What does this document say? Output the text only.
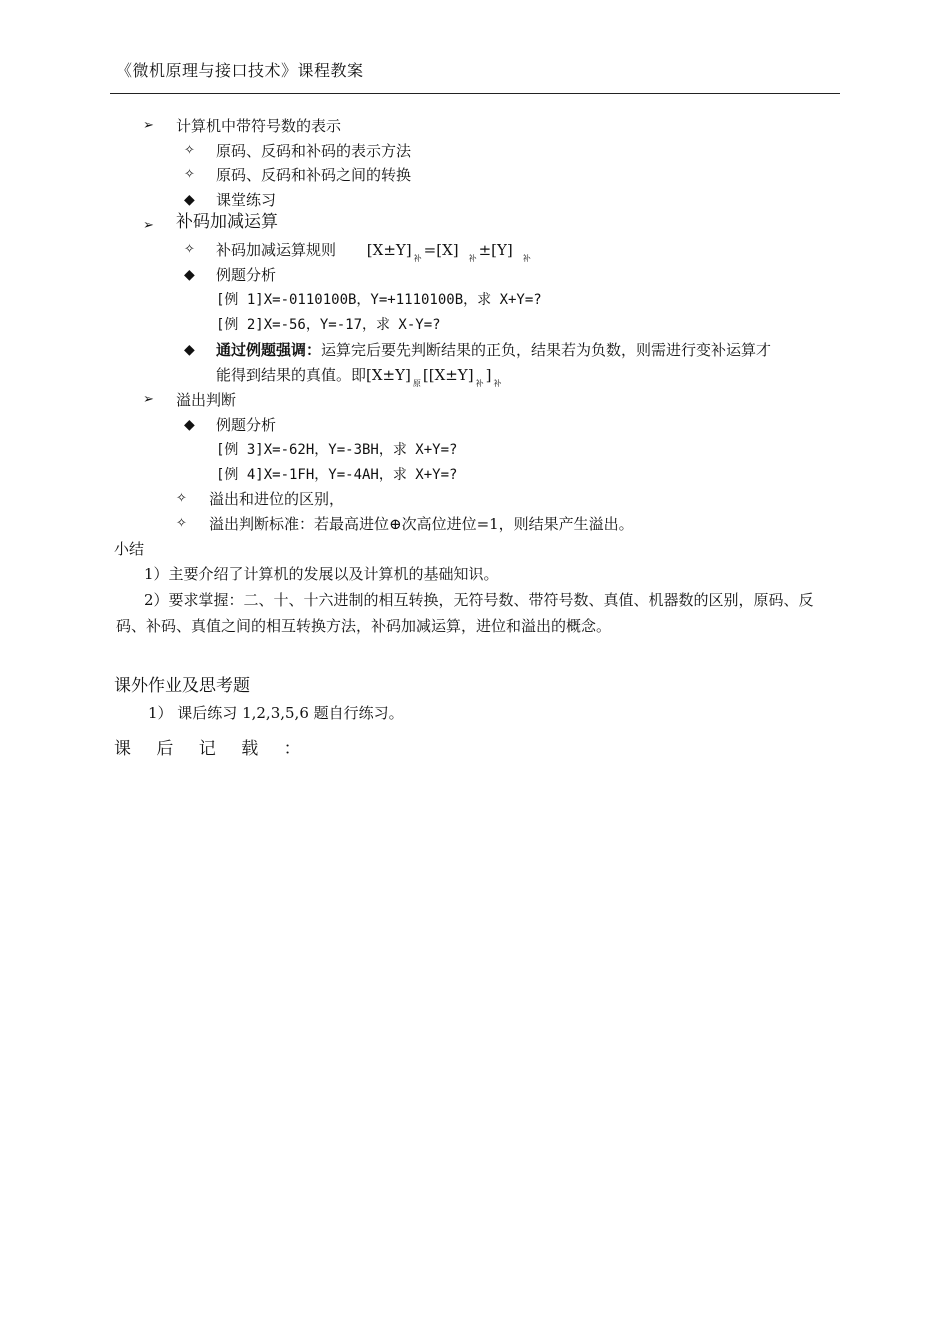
《微机原理与接口技术》课程教案
➢ 计算机中带符号数的表示
✧ 原码、反码和补码的表示方法
✧ 原码、反码和补码之间的转换
◆ 课堂练习
➢ 补码加减运算
✧ 补码加减运算规则 [X±Y] $_补$ =[X] $_补$ ±[Y] $_补$
◆ 例题分析
[例 1]X=-0110100B，Y=+1110100B，求 X+Y=?
[例 2]X=-56，Y=-17，求 X-Y=?
◆ 通过例题强调：运算完后要先判断结果的正负，结果若为负数，则需进行变补运算才
能得到结果的真值。即[X±Y] $_原$ [[X±Y] $_补$ ] $_补$
➢ 溢出判断
◆ 例题分析
[例 3]X=-62H，Y=-3BH，求 X+Y=?
[例 4]X=-1FH，Y=-4AH，求 X+Y=?
✧ 溢出和进位的区别，
✧ 溢出判断标准：若最高进位⊕次高位进位=1，则结果产生溢出。
小结
1）主要介绍了计算机的发展以及计算机的基础知识。
2）要求掌握：二、十、十六进制的相互转换，无符号数、带符号数、真值、机器数的区别，原码、反码、补码、真值之间的相互转换方法，补码加减运算，进位和溢出的概念。
课外作业及思考题
1） 课后练习 1,2,3,5,6 题自行练习。
课 后 记 载 ：
